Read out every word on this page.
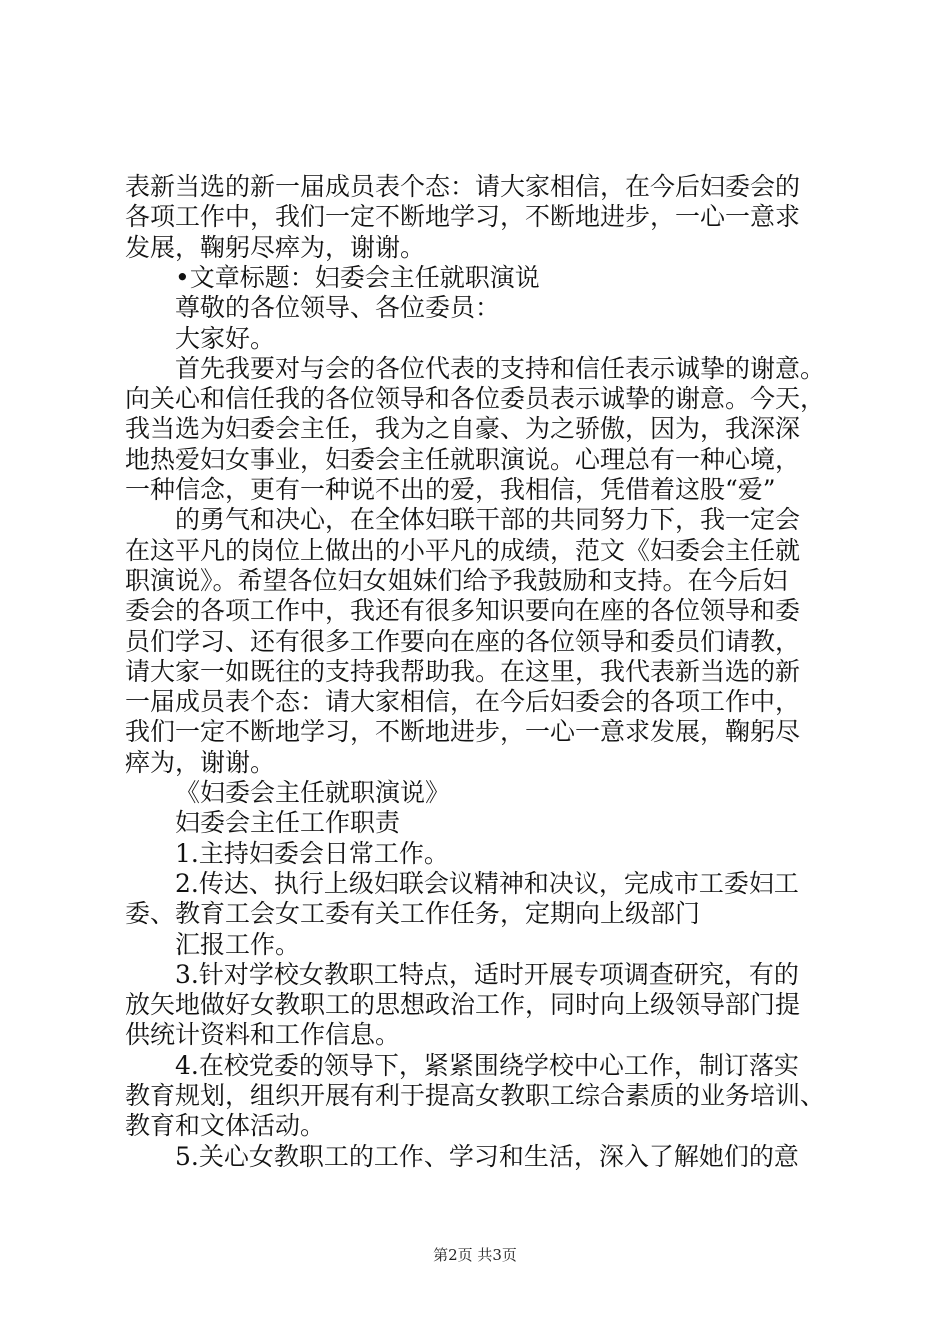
表新当选的新一届成员表个态：请大家相信，在今后妇委会的
各项工作中，我们一定不断地学习，不断地进步，一心一意求
发展，鞠躬尽瘁为，谢谢。
•文章标题：妇委会主任就职演说
尊敬的各位领导、各位委员：
大家好。
首先我要对与会的各位代表的支持和信任表示诚挚的谢意。
向关心和信任我的各位领导和各位委员表示诚挚的谢意。今天，
我当选为妇委会主任，我为之自豪、为之骄傲，因为，我深深
地热爱妇女事业，妇委会主任就职演说。心理总有一种心境，
一种信念，更有一种说不出的爱，我相信，凭借着这股“爱”
的勇气和决心，在全体妇联干部的共同努力下，我一定会
在这平凡的岗位上做出的小平凡的成绩，范文《妇委会主任就
职演说》。希望各位妇女姐妹们给予我鼓励和支持。在今后妇
委会的各项工作中，我还有很多知识要向在座的各位领导和委
员们学习、还有很多工作要向在座的各位领导和委员们请教，
请大家一如既往的支持我帮助我。在这里，我代表新当选的新
一届成员表个态：请大家相信，在今后妇委会的各项工作中，
我们一定不断地学习，不断地进步，一心一意求发展，鞠躬尽
瘁为，谢谢。
《妇委会主任就职演说》
妇委会主任工作职责
1.主持妇委会日常工作。
2.传达、执行上级妇联会议精神和决议，完成市工委妇工
委、教育工会女工委有关工作任务，定期向上级部门
汇报工作。
3.针对学校女教职工特点，适时开展专项调查研究，有的
放矢地做好女教职工的思想政治工作，同时向上级领导部门提
供统计资料和工作信息。
4.在校党委的领导下，紧紧围绕学校中心工作，制订落实
教育规划，组织开展有利于提高女教职工综合素质的业务培训、
教育和文体活动。
5.关心女教职工的工作、学习和生活，深入了解她们的意
第2页 共3页
